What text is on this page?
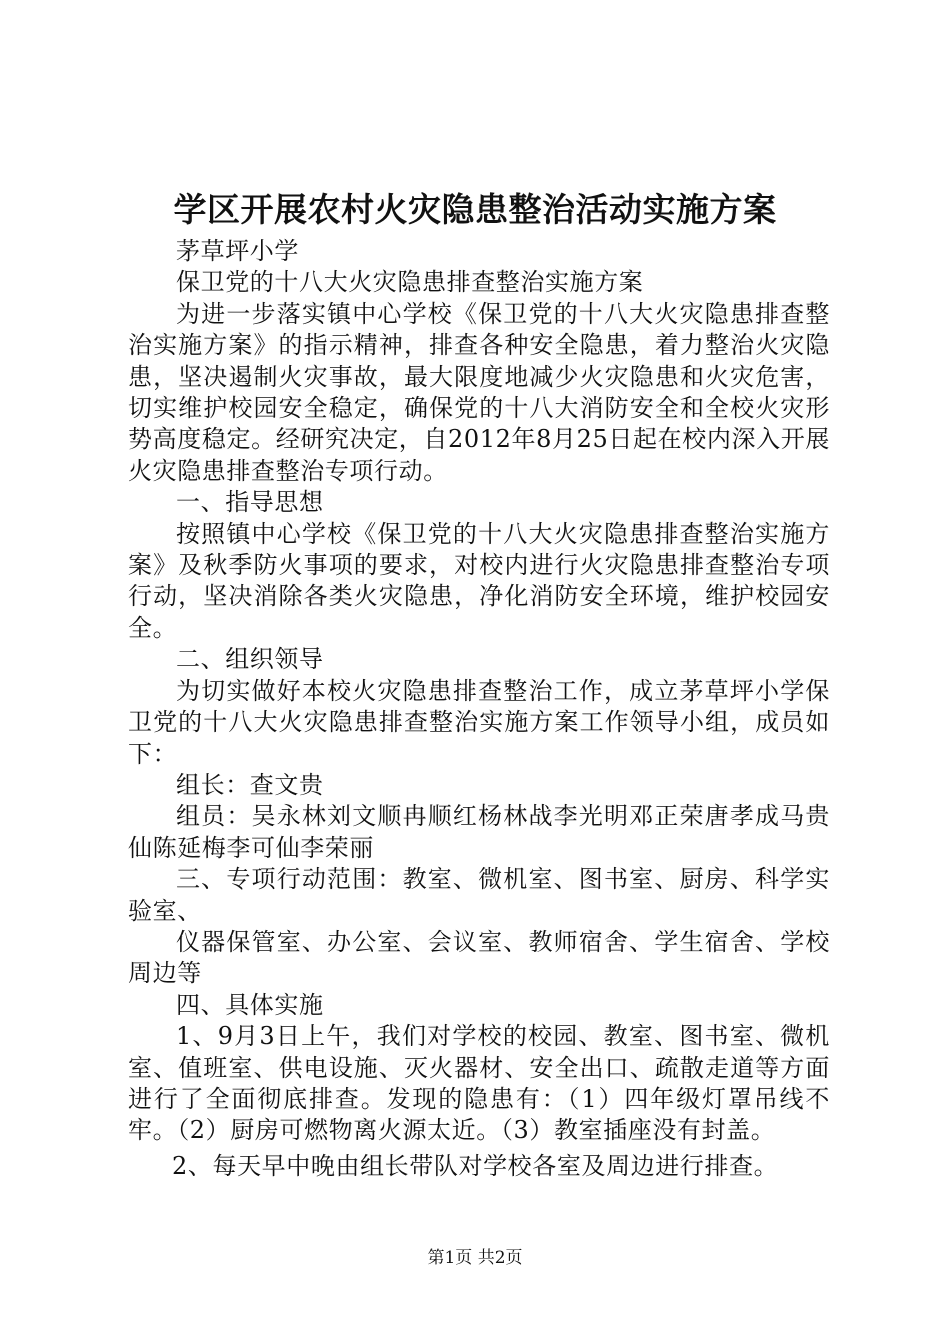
学区开展农村火灾隐患整治活动实施方案

茅草坪小学

保卫党的十八大火灾隐患排查整治实施方案

为进一步落实镇中心学校《保卫党的十八大火灾隐患排查整治实施方案》的指示精神，排查各种安全隐患，着力整治火灾隐患，坚决遏制火灾事故，最大限度地减少火灾隐患和火灾危害，切实维护校园安全稳定，确保党的十八大消防安全和全校火灾形势高度稳定。经研究决定，自2012年8月25日起在校内深入开展火灾隐患排查整治专项行动。

一、指导思想

按照镇中心学校《保卫党的十八大火灾隐患排查整治实施方案》及秋季防火事项的要求，对校内进行火灾隐患排查整治专项行动，坚决消除各类火灾隐患，净化消防安全环境，维护校园安全。

二、组织领导

为切实做好本校火灾隐患排查整治工作，成立茅草坪小学保卫党的十八大火灾隐患排查整治实施方案工作领导小组，成员如下：

组长：查文贵

组员：吴永林刘文顺冉顺红杨林战李光明邓正荣唐孝成马贵仙陈延梅李可仙李荣丽

三、专项行动范围：教室、微机室、图书室、厨房、科学实验室、

仪器保管室、办公室、会议室、教师宿舍、学生宿舍、学校周边等

四、具体实施

1、9月3日上午，我们对学校的校园、教室、图书室、微机室、值班室、供电设施、灭火器材、安全出口、疏散走道等方面进行了全面彻底排查。发现的隐患有：（1）四年级灯罩吊线不牢。（2）厨房可燃物离火源太近。（3）教室插座没有封盖。

2、每天早中晚由组长带队对学校各室及周边进行排查。

第1页 共2页
